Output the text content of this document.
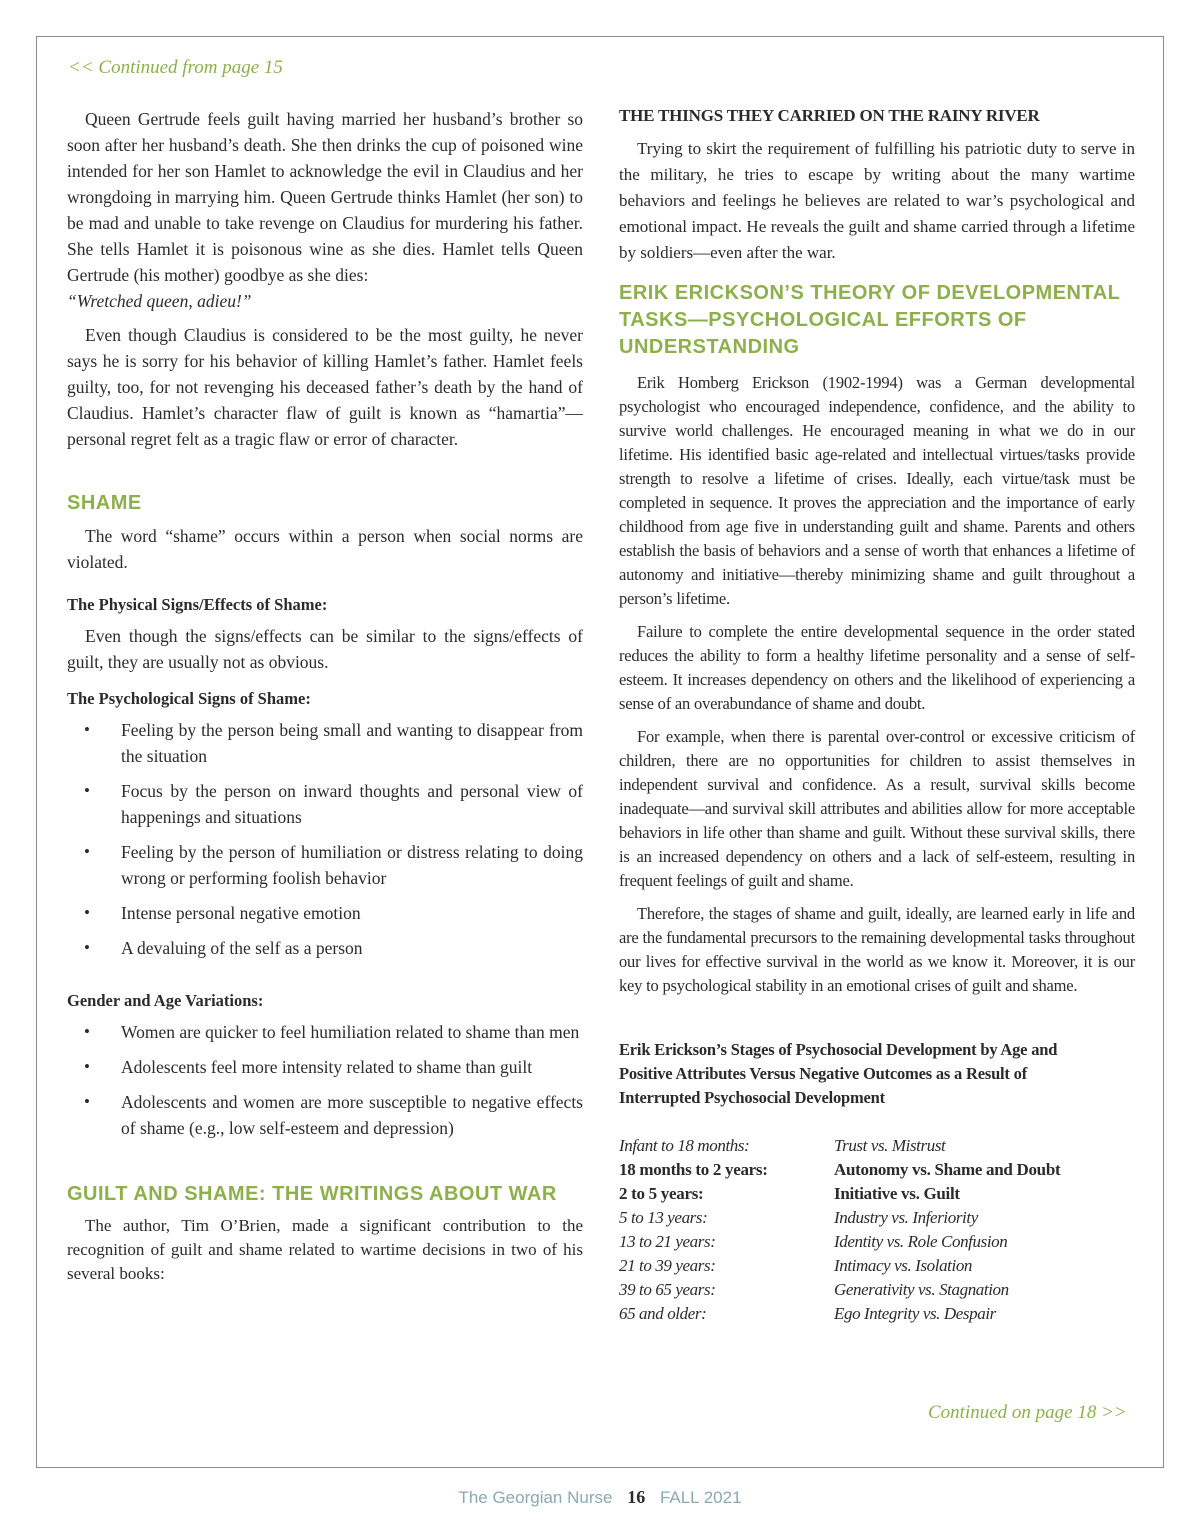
<< Continued from page 15

Queen Gertrude feels guilt having married her husband’s brother so soon after her husband’s death. She then drinks the cup of poisoned wine intended for her son Hamlet to acknowledge the evil in Claudius and her wrongdoing in marrying him. Queen Gertrude thinks Hamlet (her son) to be mad and unable to take revenge on Claudius for murdering his father. She tells Hamlet it is poisonous wine as she dies. Hamlet tells Queen Gertrude (his mother) goodbye as she dies:

“Wretched queen, adieu!”

Even though Claudius is considered to be the most guilty, he never says he is sorry for his behavior of killing Hamlet’s father. Hamlet feels guilty, too, for not revenging his deceased father’s death by the hand of Claudius. Hamlet’s character flaw of guilt is known as “hamartia”— personal regret felt as a tragic flaw or error of character.

SHAME

The word “shame” occurs within a person when social norms are violated.

The Physical Signs/Effects of Shame:

Even though the signs/effects can be similar to the signs/effects of guilt, they are usually not as obvious.

The Psychological Signs of Shame:
• Feeling by the person being small and wanting to disappear from the situation
• Focus by the person on inward thoughts and personal view of happenings and situations
• Feeling by the person of humiliation or distress relating to doing wrong or performing foolish behavior
• Intense personal negative emotion
• A devaluing of the self as a person
Gender and Age Variations:
• Women are quicker to feel humiliation related to shame than men
• Adolescents feel more intensity related to shame than guilt
• Adolescents and women are more susceptible to negative effects of shame (e.g., low self-esteem and depression)
GUILT AND SHAME: THE WRITINGS ABOUT WAR

The author, Tim O’Brien, made a significant contribution to the recognition of guilt and shame related to wartime decisions in two of his several books:

THE THINGS THEY CARRIED ON THE RAINY RIVER

Trying to skirt the requirement of fulfilling his patriotic duty to serve in the military, he tries to escape by writing about the many wartime behaviors and feelings he believes are related to war’s psychological and emotional impact. He reveals the guilt and shame carried through a lifetime by soldiers—even after the war.

ERIK ERICKSON’S THEORY OF DEVELOPMENTAL TASKS—PSYCHOLOGICAL EFFORTS OF UNDERSTANDING

Erik Homberg Erickson (1902-1994) was a German developmental psychologist who encouraged independence, confidence, and the ability to survive world challenges. He encouraged meaning in what we do in our lifetime. His identified basic age-related and intellectual virtues/tasks provide strength to resolve a lifetime of crises. Ideally, each virtue/task must be completed in sequence. It proves the appreciation and the importance of early childhood from age five in understanding guilt and shame. Parents and others establish the basis of behaviors and a sense of worth that enhances a lifetime of autonomy and initiative—thereby minimizing shame and guilt throughout a person’s lifetime.

Failure to complete the entire developmental sequence in the order stated reduces the ability to form a healthy lifetime personality and a sense of self-esteem. It increases dependency on others and the likelihood of experiencing a sense of an overabundance of shame and doubt.

For example, when there is parental over-control or excessive criticism of children, there are no opportunities for children to assist themselves in independent survival and confidence. As a result, survival skills become inadequate—and survival skill attributes and abilities allow for more acceptable behaviors in life other than shame and guilt. Without these survival skills, there is an increased dependency on others and a lack of self-esteem, resulting in frequent feelings of guilt and shame.

Therefore, the stages of shame and guilt, ideally, are learned early in life and are the fundamental precursors to the remaining developmental tasks throughout our lives for effective survival in the world as we know it. Moreover, it is our key to psychological stability in an emotional crises of guilt and shame.

Erik Erickson’s Stages of Psychosocial Development by Age and Positive Attributes Versus Negative Outcomes as a Result of Interrupted Psychosocial Development
Infant to 18 months:	Trust vs. Mistrust
18 months to 2 years:	Autonomy vs. Shame and Doubt
2 to 5 years:	Initiative vs. Guilt
5 to 13 years:	Industry vs. Inferiority
13 to 21 years:	Identity vs. Role Confusion
21 to 39 years:	Intimacy vs. Isolation
39 to 65 years:	Generativity vs. Stagnation
65 and older:	Ego Integrity vs. Despair
Continued on page 18 >>
The Georgian Nurse 16 FALL 2021
